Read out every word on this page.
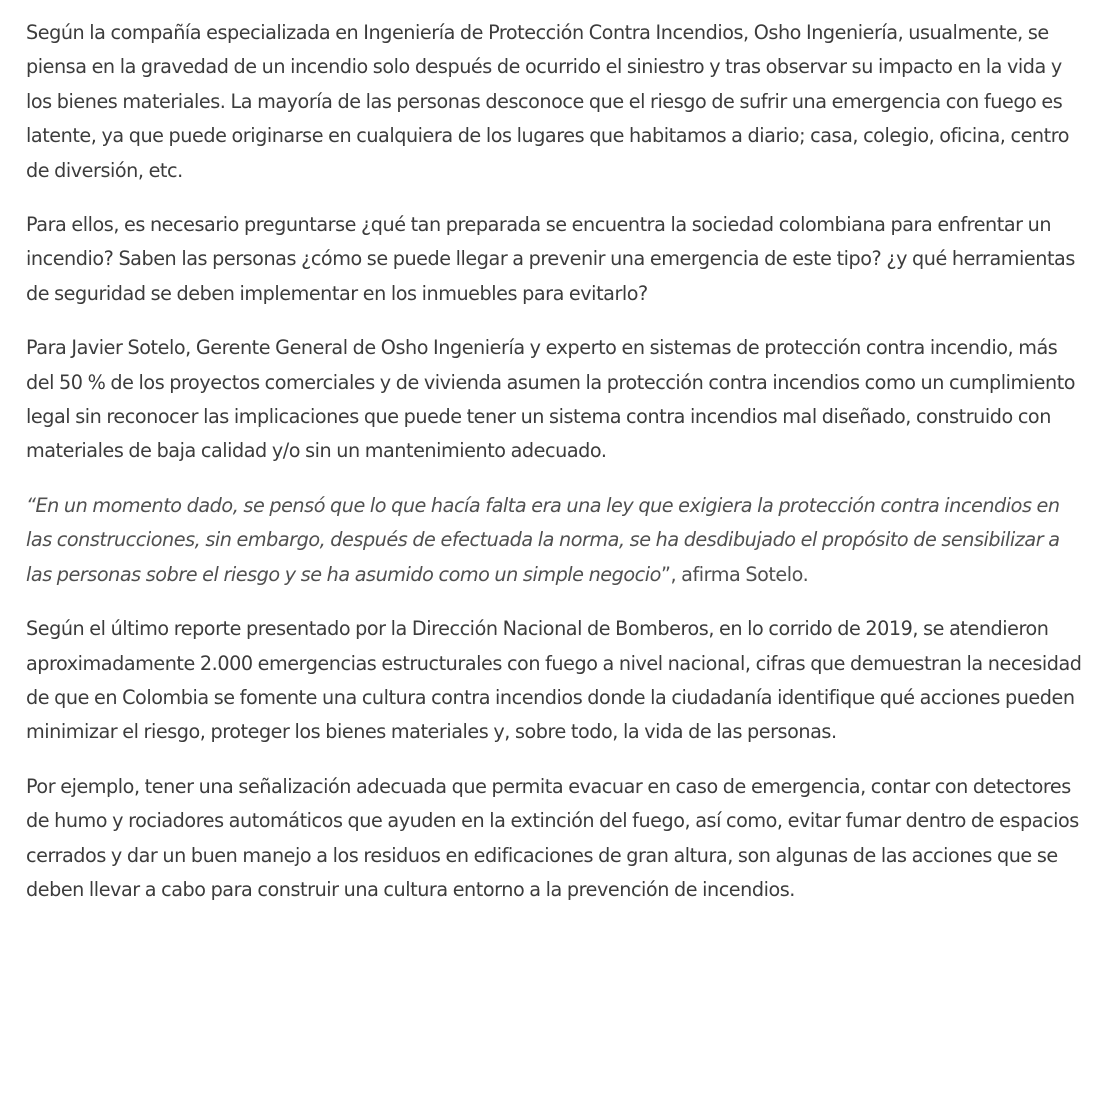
Según la compañía especializada en Ingeniería de Protección Contra Incendios, Osho Ingeniería, usualmente, se piensa en la gravedad de un incendio solo después de ocurrido el siniestro y tras observar su impacto en la vida y los bienes materiales. La mayoría de las personas desconoce que el riesgo de sufrir una emergencia con fuego es latente, ya que puede originarse en cualquiera de los lugares que habitamos a diario; casa, colegio, oficina, centro de diversión, etc.

Para ellos, es necesario preguntarse ¿qué tan preparada se encuentra la sociedad colombiana para enfrentar un incendio? Saben las personas ¿cómo se puede llegar a prevenir una emergencia de este tipo? ¿y qué herramientas de seguridad se deben implementar en los inmuebles para evitarlo?

Para Javier Sotelo, Gerente General de Osho Ingeniería y experto en sistemas de protección contra incendio, más del 50 % de los proyectos comerciales y de vivienda asumen la protección contra incendios como un cumplimiento legal sin reconocer las implicaciones que puede tener un sistema contra incendios mal diseñado, construido con materiales de baja calidad y/o sin un mantenimiento adecuado.

“En un momento dado, se pensó que lo que hacía falta era una ley que exigiera la protección contra incendios en las construcciones, sin embargo, después de efectuada la norma, se ha desdibujado el propósito de sensibilizar a las personas sobre el riesgo y se ha asumido como un simple negocio”, afirma Sotelo.

Según el último reporte presentado por la Dirección Nacional de Bomberos, en lo corrido de 2019, se atendieron aproximadamente 2.000 emergencias estructurales con fuego a nivel nacional, cifras que demuestran la necesidad de que en Colombia se fomente una cultura contra incendios donde la ciudadanía identifique qué acciones pueden minimizar el riesgo, proteger los bienes materiales y, sobre todo, la vida de las personas.

Por ejemplo, tener una señalización adecuada que permita evacuar en caso de emergencia, contar con detectores de humo y rociadores automáticos que ayuden en la extinción del fuego, así como, evitar fumar dentro de espacios cerrados y dar un buen manejo a los residuos en edificaciones de gran altura, son algunas de las acciones que se deben llevar a cabo para construir una cultura entorno a la prevención de incendios.
